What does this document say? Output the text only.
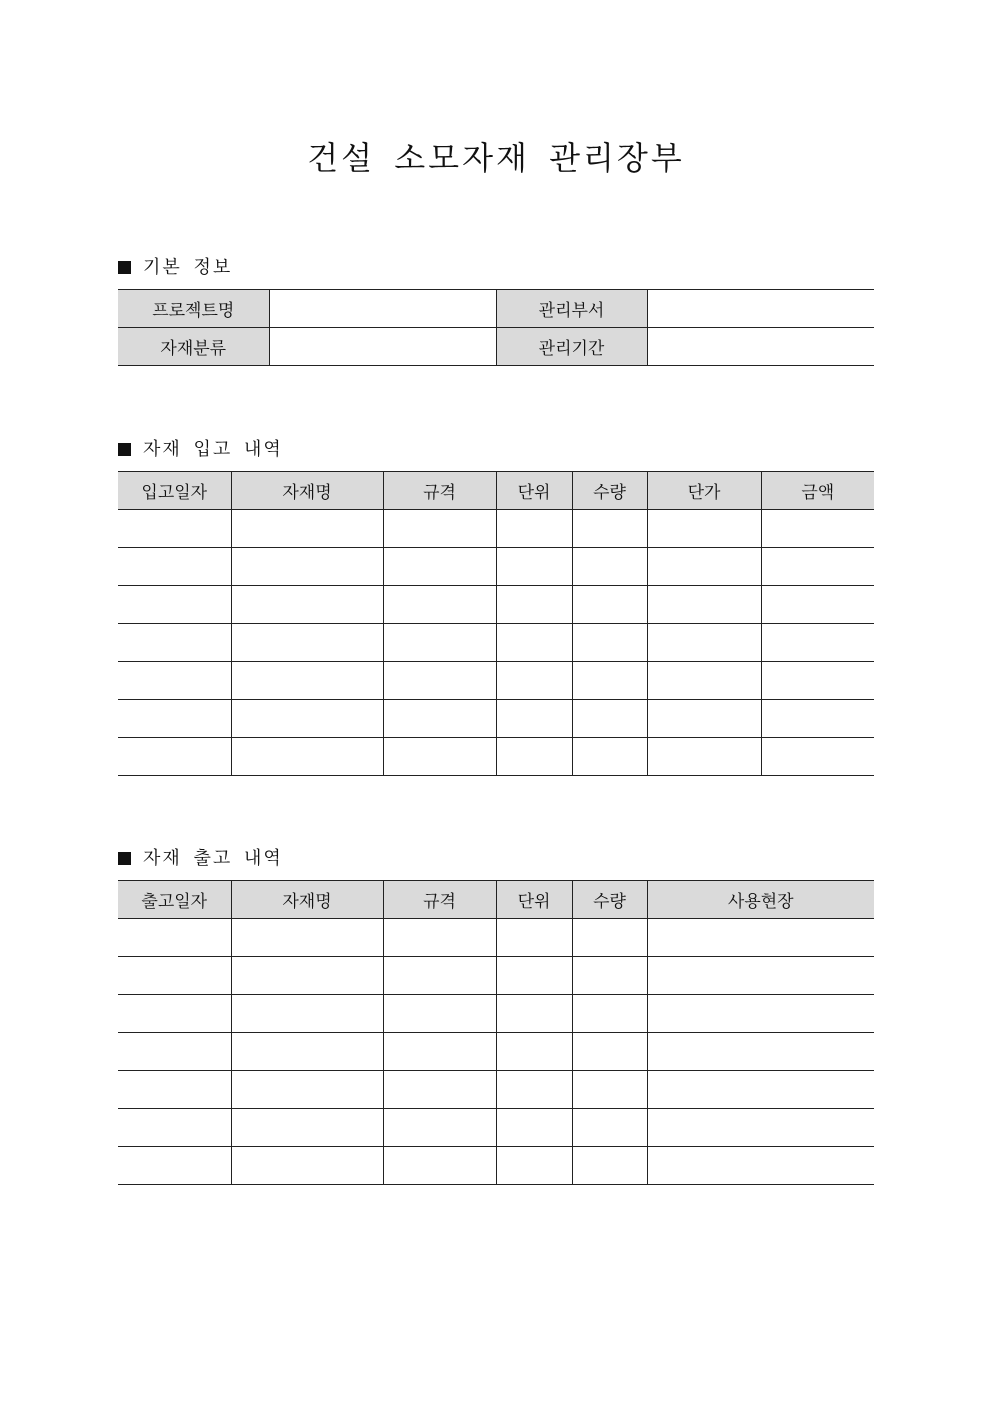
건설 소모자재 관리장부
기본 정보
프로젝트명		관리부서	
자재분류		관리기간	
자재 입고 내역
입고일자	자재명	규격	단위	수량	단가	금액

자재 출고 내역
출고일자	자재명	규격	단위	수량	사용현장
